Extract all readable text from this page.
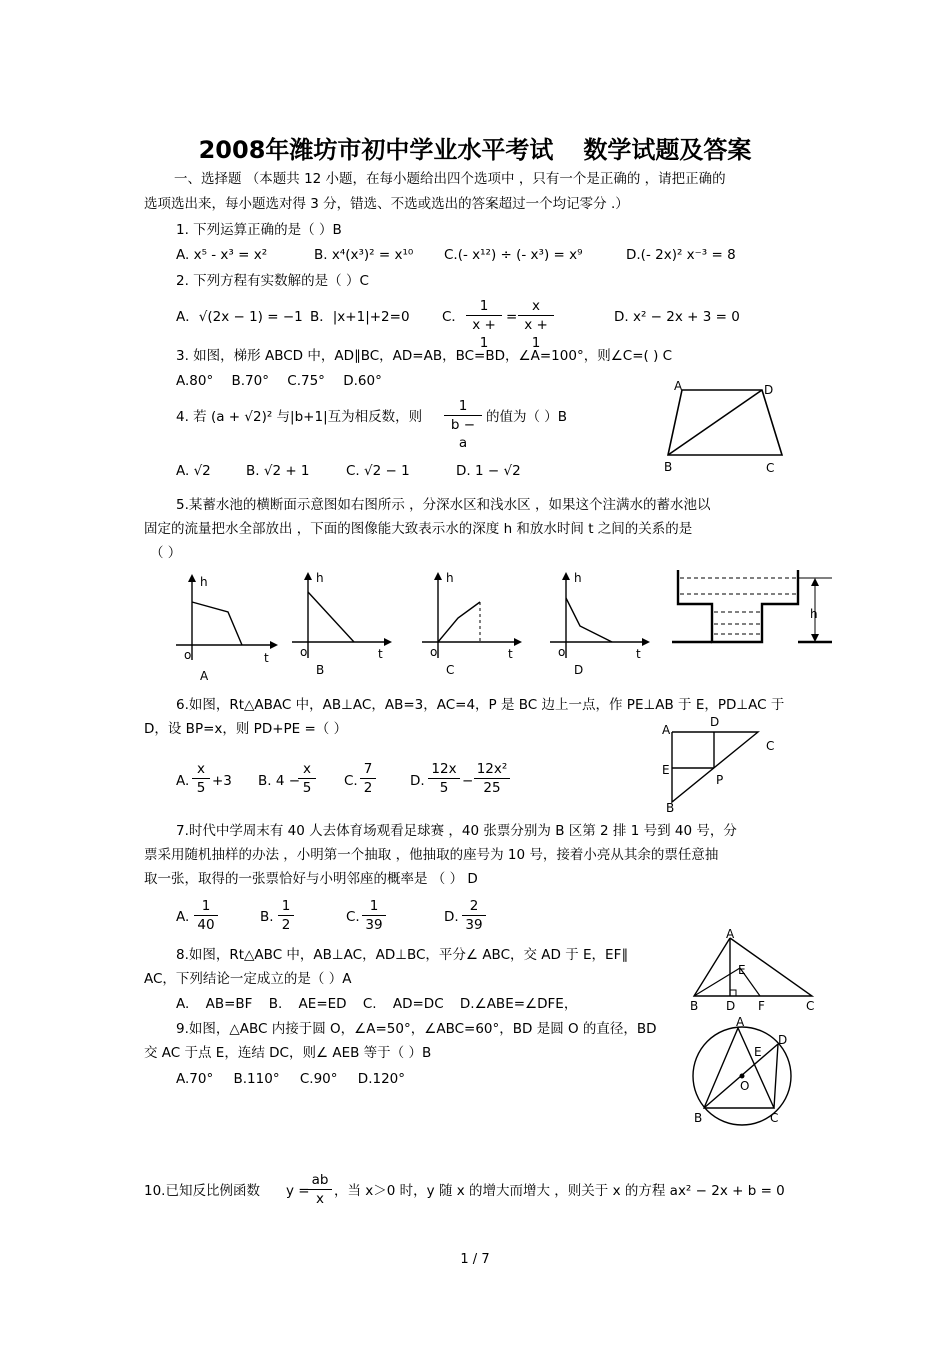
2008年潍坊市初中学业水平考试 数学试题及答案
一、选择题 （本题共 12 小题，在每小题给出四个选项中 ，只有一个是正确的 ，请把正确的
选项选出来，每小题选对得 3 分，错选、不选或选出的答案超过一个均记零分 .）
1. 下列运算正确的是（ ）B
A. x⁵ - x³ = x²	B. x⁴(x³)² = x¹⁰ C.(- x¹²) ÷ (- x³) = x⁹	D.(- 2x)² x⁻³ = 8
2. 下列方程有实数解的是（ ）C
A．√(2x − 1) = −1 B．|x+1|+2=0 C． $\frac{1}{x + 1} = \frac{x}{x + 1}$	D. x² − 2x + 3 = 0
3. 如图，梯形 ABCD 中，AD∥BC，AD=AB，BC=BD，∠A=100°，则∠C=( ) C
A.80° B.70° C.75° D.60°	A	D
B	C
4. 若 (a + √2)² 与|b+1|互为相反数，则 $\frac{1}{b - a}$ 的值为（ ）B
A. √2	B. √2 + 1	C. √2 − 1	D. 1 − √2
5.某蓄水池的横断面示意图如右图所示 ，分深水区和浅水区 ，如果这个注满水的蓄水池以
固定的流量把水全部放出 ，下面的图像能大致表示水的深度 h 和放水时间 t 之间的关系的是
（ ）
h
t
o
A
h
t
o
B
h
t
o
C
h
t
o
D
h
6.如图，Rt△ABAC 中，AB⊥AC，AB=3，AC=4，P 是 BC 边上一点，作 PE⊥AB 于 E，PD⊥AC 于
D，设 BP=x，则 PD+PE =（ ）
A. $\frac{x}{5} +3$ B. 4 −
$\frac{x}{5} C$. $\frac{7}{2}$	D. $\frac{12x}{5} - \frac{\text{12x²}}{25}$
A
D
C
E
P
B
7.时代中学周末有 40 人去体育场观看足球赛 ，40 张票分别为 B 区第 2 排 1 号到 40 号，分
票采用随机抽样的办法 ，小明第一个抽取 ，他抽取的座号为 10 号，接着小亮从其余的票任意抽
取一张，取得的一张票恰好与小明邻座的概率是 （ ） D
A. $\frac{1}{40}$	B. $\frac{1}{2}$	C. $\frac{1}{39}$	D. $\frac{2}{39}$
8.如图，Rt△ABC 中，AB⊥AC，AD⊥BC，平分∠ ABC，交 AD 于 E，EF∥
AC，下列结论一定成立的是（ ）A
A. AB=BF B. AE=ED C. AD=DC D.∠ABE=∠DFE，
A
E
B D F	C
9.如图，△ABC 内接于圆 O，∠A=50°，∠ABC=60°，BD 是圆 O 的直径，BD
交 AC 于点 E，连结 DC，则∠ AEB 等于（ ）B
A.70° B.110° C.90° D.120°
A
D
E
O
B	C
10.已知反比例函数 y =
$\frac{ab}{x}$ ，当 x＞0 时，y 随 x 的增大而增大 ，则关于 x 的方程 ax² − 2x + b = 0
1 / 7
